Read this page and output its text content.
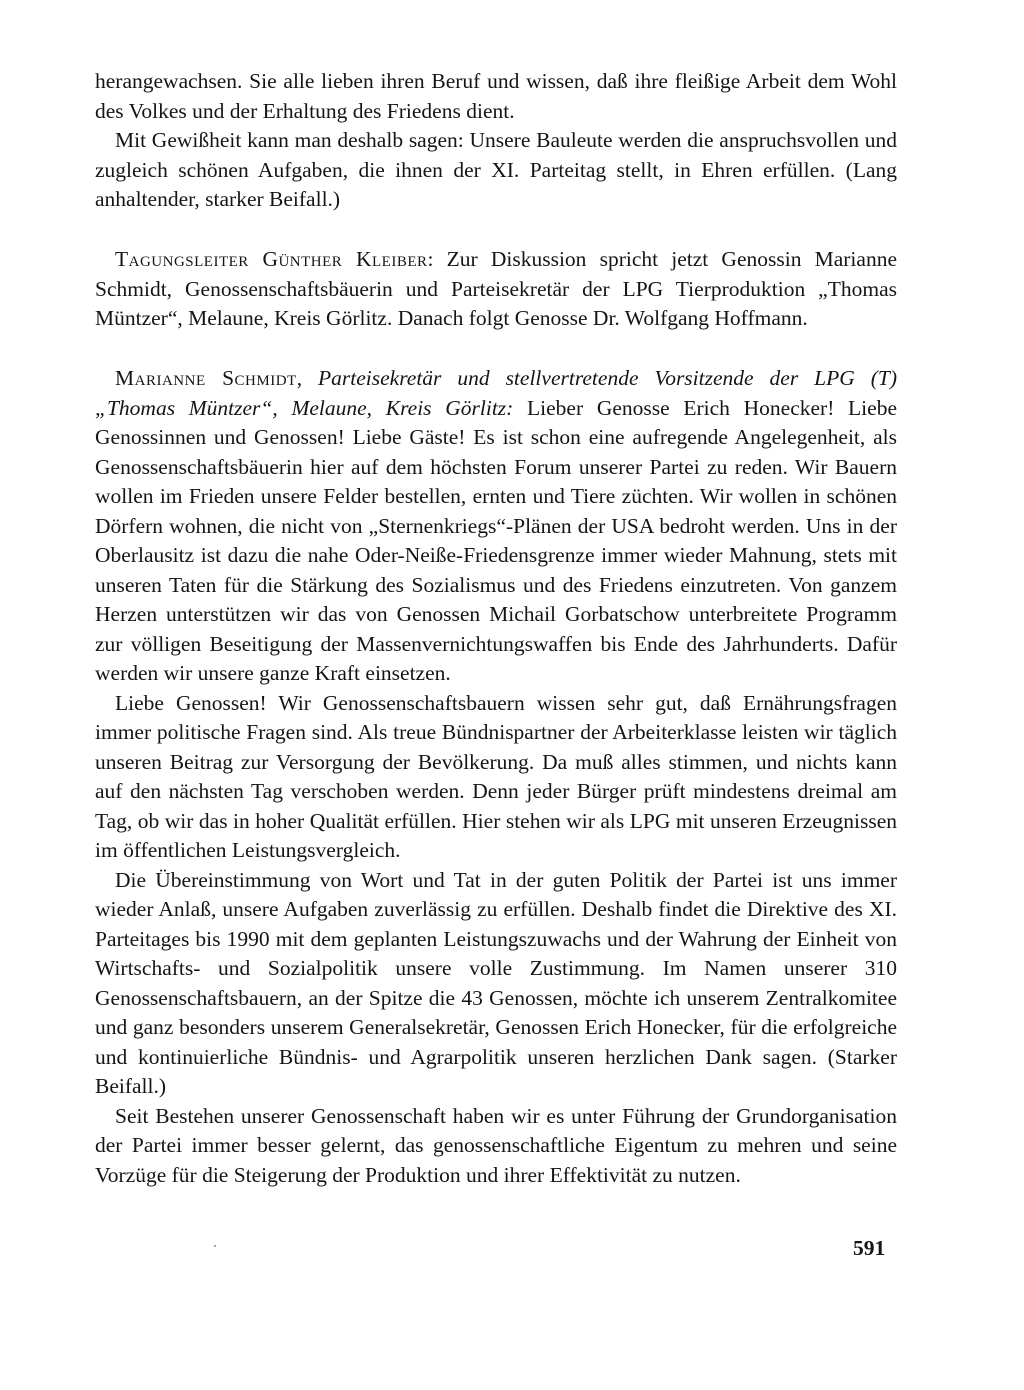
herangewachsen. Sie alle lieben ihren Beruf und wissen, daß ihre fleißige Arbeit dem Wohl des Volkes und der Erhaltung des Friedens dient.

Mit Gewißheit kann man deshalb sagen: Unsere Bauleute werden die anspruchsvollen und zugleich schönen Aufgaben, die ihnen der XI. Parteitag stellt, in Ehren erfüllen. (Lang anhaltender, starker Beifall.)

Tagungsleiter Günther Kleiber: Zur Diskussion spricht jetzt Genossin Marianne Schmidt, Genossenschaftsbäuerin und Parteisekretär der LPG Tierproduktion „Thomas Müntzer“, Melaune, Kreis Görlitz. Danach folgt Genosse Dr. Wolfgang Hoffmann.

Marianne Schmidt, Parteisekretär und stellvertretende Vorsitzende der LPG (T) „Thomas Müntzer“, Melaune, Kreis Görlitz: Lieber Genosse Erich Honecker! Liebe Genossinnen und Genossen! Liebe Gäste! Es ist schon eine aufregende Angelegenheit, als Genossenschaftsbäuerin hier auf dem höchsten Forum unserer Partei zu reden. Wir Bauern wollen im Frieden unsere Felder bestellen, ernten und Tiere züchten. Wir wollen in schönen Dörfern wohnen, die nicht von „Sternenkriegs“-Plänen der USA bedroht werden. Uns in der Oberlausitz ist dazu die nahe Oder-Neiße-Friedensgrenze immer wieder Mahnung, stets mit unseren Taten für die Stärkung des Sozialismus und des Friedens einzutreten. Von ganzem Herzen unterstützen wir das von Genossen Michail Gorbatschow unterbreitete Programm zur völligen Beseitigung der Massenvernichtungswaffen bis Ende des Jahrhunderts. Dafür werden wir unsere ganze Kraft einsetzen.

Liebe Genossen! Wir Genossenschaftsbauern wissen sehr gut, daß Ernährungsfragen immer politische Fragen sind. Als treue Bündnispartner der Arbeiterklasse leisten wir täglich unseren Beitrag zur Versorgung der Bevölkerung. Da muß alles stimmen, und nichts kann auf den nächsten Tag verschoben werden. Denn jeder Bürger prüft mindestens dreimal am Tag, ob wir das in hoher Qualität erfüllen. Hier stehen wir als LPG mit unseren Erzeugnissen im öffentlichen Leistungsvergleich.

Die Übereinstimmung von Wort und Tat in der guten Politik der Partei ist uns immer wieder Anlaß, unsere Aufgaben zuverlässig zu erfüllen. Deshalb findet die Direktive des XI. Parteitages bis 1990 mit dem geplanten Leistungszuwachs und der Wahrung der Einheit von Wirtschafts- und Sozialpolitik unsere volle Zustimmung. Im Namen unserer 310 Genossenschaftsbauern, an der Spitze die 43 Genossen, möchte ich unserem Zentralkomitee und ganz besonders unserem Generalsekretär, Genossen Erich Honecker, für die erfolgreiche und kontinuierliche Bündnis- und Agrarpolitik unseren herzlichen Dank sagen. (Starker Beifall.)

Seit Bestehen unserer Genossenschaft haben wir es unter Führung der Grundorganisation der Partei immer besser gelernt, das genossenschaftliche Eigentum zu mehren und seine Vorzüge für die Steigerung der Produktion und ihrer Effektivität zu nutzen.

591
